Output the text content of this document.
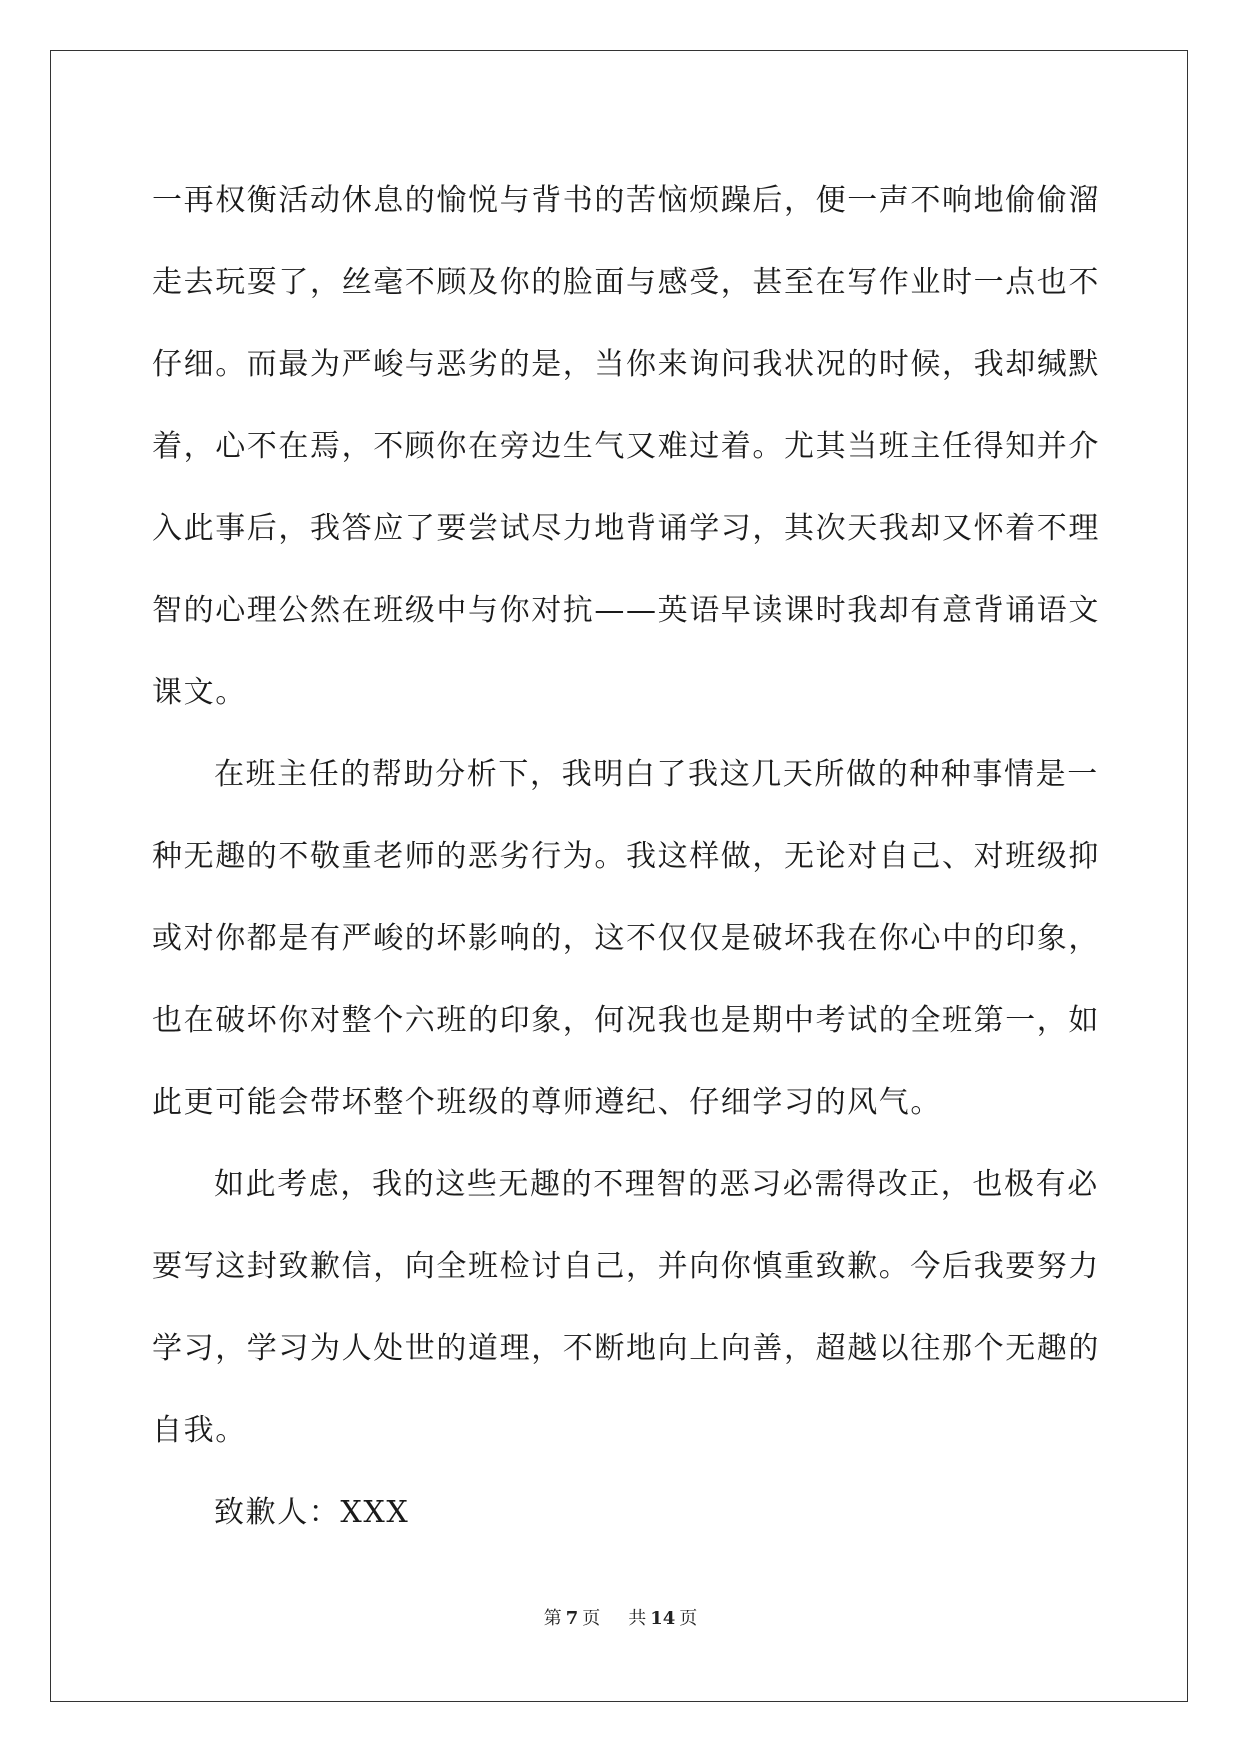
一再权衡活动休息的愉悦与背书的苦恼烦躁后，便一声不响地偷偷溜
走去玩耍了，丝毫不顾及你的脸面与感受，甚至在写作业时一点也不
仔细。而最为严峻与恶劣的是，当你来询问我状况的时候，我却缄默
着，心不在焉，不顾你在旁边生气又难过着。尤其当班主任得知并介
入此事后，我答应了要尝试尽力地背诵学习，其次天我却又怀着不理
智的心理公然在班级中与你对抗——英语早读课时我却有意背诵语文
课文。
在班主任的帮助分析下，我明白了我这几天所做的种种事情是一
种无趣的不敬重老师的恶劣行为。我这样做，无论对自己、对班级抑
或对你都是有严峻的坏影响的，这不仅仅是破坏我在你心中的印象，
也在破坏你对整个六班的印象，何况我也是期中考试的全班第一，如
此更可能会带坏整个班级的尊师遵纪、仔细学习的风气。
如此考虑，我的这些无趣的不理智的恶习必需得改正，也极有必
要写这封致歉信，向全班检讨自己，并向你慎重致歉。今后我要努力
学习，学习为人处世的道理，不断地向上向善，超越以往那个无趣的
自我。
致歉人：XXX
第 7 页 共 14 页
